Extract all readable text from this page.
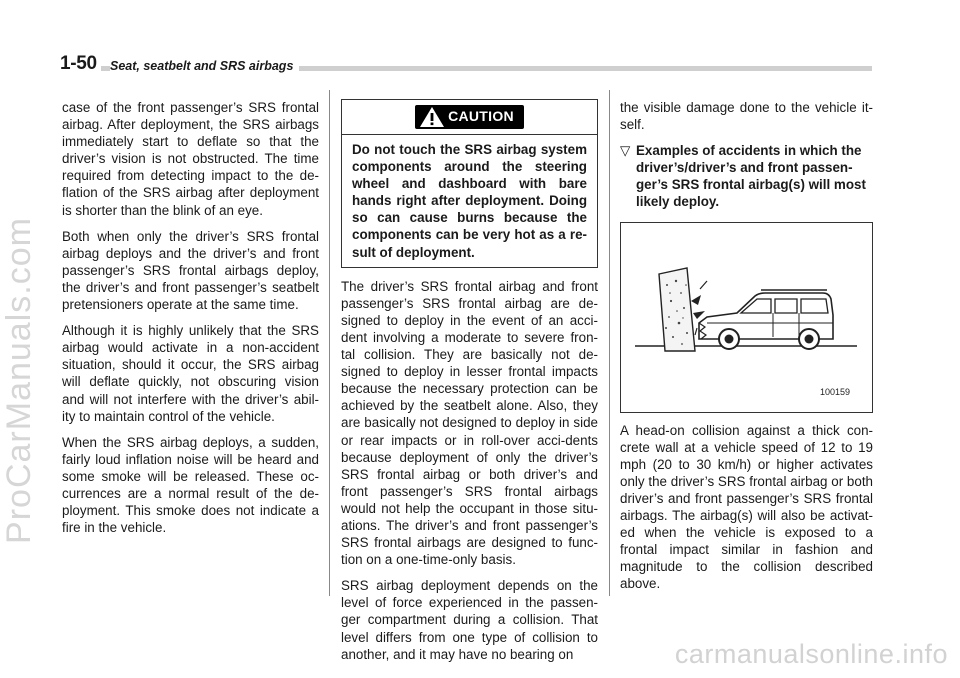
1-50	Seat, seatbelt and SRS airbags

case of the front passenger’s SRS frontal airbag. After deployment, the SRS airbags immediately start to deflate so that the driver’s vision is not obstructed. The time required from detecting impact to the de-flation of the SRS airbag after deployment is shorter than the blink of an eye.

Both when only the driver’s SRS frontal airbag deploys and the driver’s and front passenger’s SRS frontal airbags deploy, the driver’s and front passenger’s seatbelt pretensioners operate at the same time.

Although it is highly unlikely that the SRS airbag would activate in a non-accident situation, should it occur, the SRS airbag will deflate quickly, not obscuring vision and will not interfere with the driver’s abil-ity to maintain control of the vehicle.

When the SRS airbag deploys, a sudden, fairly loud inflation noise will be heard and some smoke will be released. These oc-currences are a normal result of the de-ployment. This smoke does not indicate a fire in the vehicle.

CAUTION
Do not touch the SRS airbag system components around the steering wheel and dashboard with bare hands right after deployment. Doing so can cause burns because the components can be very hot as a re-sult of deployment.

The driver’s SRS frontal airbag and front passenger’s SRS frontal airbag are de-signed to deploy in the event of an acci-dent involving a moderate to severe fron-tal collision. They are basically not de-signed to deploy in lesser frontal impacts because the necessary protection can be achieved by the seatbelt alone. Also, they are basically not designed to deploy in side or rear impacts or in roll-over acci-dents because deployment of only the driver’s SRS frontal airbag or both driver’s and front passenger’s SRS frontal airbags would not help the occupant in those situ-ations. The driver’s and front passenger’s SRS frontal airbags are designed to func-tion on a one-time-only basis.

SRS airbag deployment depends on the level of force experienced in the passen-ger compartment during a collision. That level differs from one type of collision to another, and it may have no bearing on

the visible damage done to the vehicle it-self.

▽ Examples of accidents in which the driver’s/driver’s and front passen-ger’s SRS frontal airbag(s) will most likely deploy.
100159

A head-on collision against a thick con-crete wall at a vehicle speed of 12 to 19 mph (20 to 30 km/h) or higher activates only the driver’s SRS frontal airbag or both driver’s and front passenger’s SRS frontal airbags. The airbag(s) will also be activat-ed when the vehicle is exposed to a frontal impact similar in fashion and magnitude to the collision described above.

ProCarManuals.com
carmanualsonline.info
